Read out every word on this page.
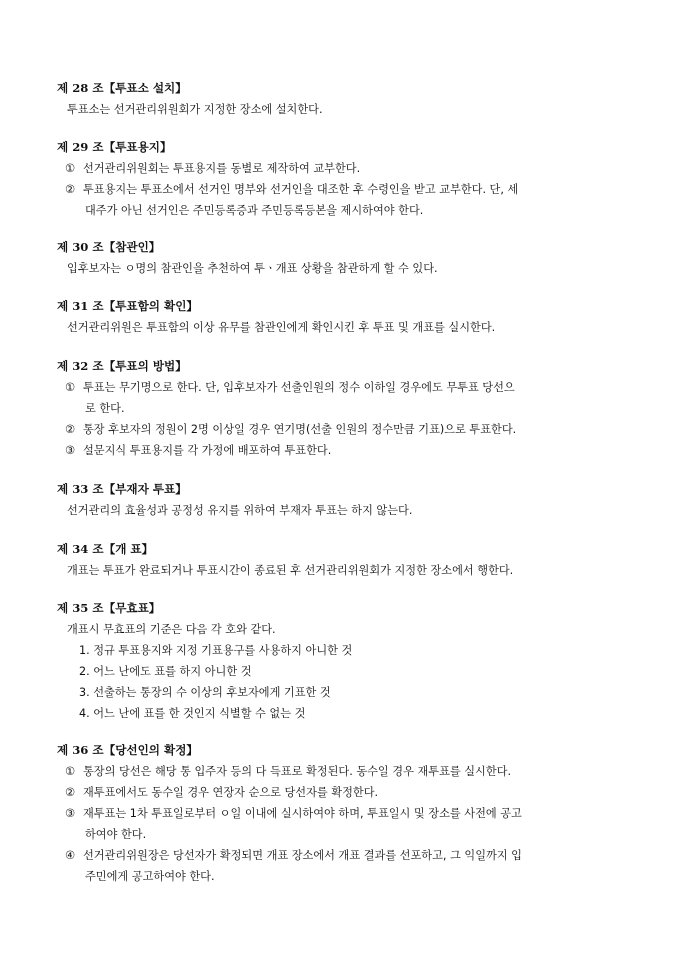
제 28 조【투표소 설치】
투표소는 선거관리위원회가 지정한 장소에 설치한다.
제 29 조【투표용지】
① 선거관리위원회는 투표용지를 동별로 제작하여 교부한다.
② 투표용지는 투표소에서 선거인 명부와 선거인을 대조한 후 수령인을 받고 교부한다. 단, 세
대주가 아닌 선거인은 주민등록증과 주민등록등본을 제시하여야 한다.
제 30 조【참관인】
입후보자는 ㅇ명의 참관인을 추천하여 투ㆍ개표 상황을 참관하게 할 수 있다.
제 31 조【투표함의 확인】
선거관리위원은 투표함의 이상 유무를 참관인에게 확인시킨 후 투표 및 개표를 실시한다.
제 32 조【투표의 방법】
① 투표는 무기명으로 한다. 단, 입후보자가 선출인원의 정수 이하일 경우에도 무투표 당선으
로 한다.
② 통장 후보자의 정원이 2명 이상일 경우 연기명(선출 인원의 정수만큼 기표)으로 투표한다.
③ 설문지식 투표용지를 각 가정에 배포하여 투표한다.
제 33 조【부재자 투표】
선거관리의 효율성과 공정성 유지를 위하여 부재자 투표는 하지 않는다.
제 34 조【개 표】
개표는 투표가 완료되거나 투표시간이 종료된 후 선거관리위원회가 지정한 장소에서 행한다.
제 35 조【무효표】
개표시 무효표의 기준은 다음 각 호와 같다.
1. 정규 투표용지와 지정 기표용구를 사용하지 아니한 것
2. 어느 난에도 표를 하지 아니한 것
3. 선출하는 통장의 수 이상의 후보자에게 기표한 것
4. 어느 난에 표를 한 것인지 식별할 수 없는 것
제 36 조【당선인의 확정】
① 통장의 당선은 해당 통 입주자 등의 다 득표로 확정된다. 동수일 경우 재투표를 실시한다.
② 재투표에서도 동수일 경우 연장자 순으로 당선자를 확정한다.
③ 재투표는 1차 투표일로부터 ㅇ일 이내에 실시하여야 하며, 투표일시 및 장소를 사전에 공고
하여야 한다.
④ 선거관리위원장은 당선자가 확정되면 개표 장소에서 개표 결과를 선포하고, 그 익일까지 입
주민에게 공고하여야 한다.
